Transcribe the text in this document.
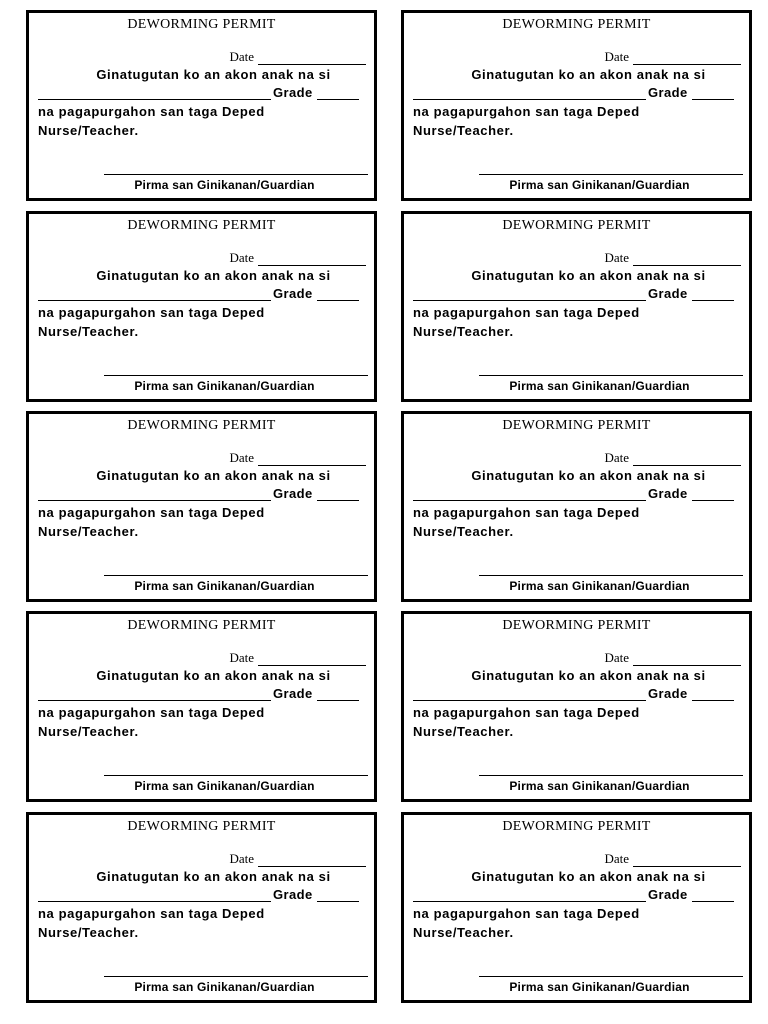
DEWORMING PERMIT
Date
Ginatugutan ko an akon anak na si
Grade
na pagapurgahon san taga Deped
Nurse/Teacher.
Pirma san Ginikanan/Guardian
DEWORMING PERMIT
Date
Ginatugutan ko an akon anak na si
Grade
na pagapurgahon san taga Deped
Nurse/Teacher.
Pirma san Ginikanan/Guardian
DEWORMING PERMIT
Date
Ginatugutan ko an akon anak na si
Grade
na pagapurgahon san taga Deped
Nurse/Teacher.
Pirma san Ginikanan/Guardian
DEWORMING PERMIT
Date
Ginatugutan ko an akon anak na si
Grade
na pagapurgahon san taga Deped
Nurse/Teacher.
Pirma san Ginikanan/Guardian
DEWORMING PERMIT
Date
Ginatugutan ko an akon anak na si
Grade
na pagapurgahon san taga Deped
Nurse/Teacher.
Pirma san Ginikanan/Guardian
DEWORMING PERMIT
Date
Ginatugutan ko an akon anak na si
Grade
na pagapurgahon san taga Deped
Nurse/Teacher.
Pirma san Ginikanan/Guardian
DEWORMING PERMIT
Date
Ginatugutan ko an akon anak na si
Grade
na pagapurgahon san taga Deped
Nurse/Teacher.
Pirma san Ginikanan/Guardian
DEWORMING PERMIT
Date
Ginatugutan ko an akon anak na si
Grade
na pagapurgahon san taga Deped
Nurse/Teacher.
Pirma san Ginikanan/Guardian
DEWORMING PERMIT
Date
Ginatugutan ko an akon anak na si
Grade
na pagapurgahon san taga Deped
Nurse/Teacher.
Pirma san Ginikanan/Guardian
DEWORMING PERMIT
Date
Ginatugutan ko an akon anak na si
Grade
na pagapurgahon san taga Deped
Nurse/Teacher.
Pirma san Ginikanan/Guardian
